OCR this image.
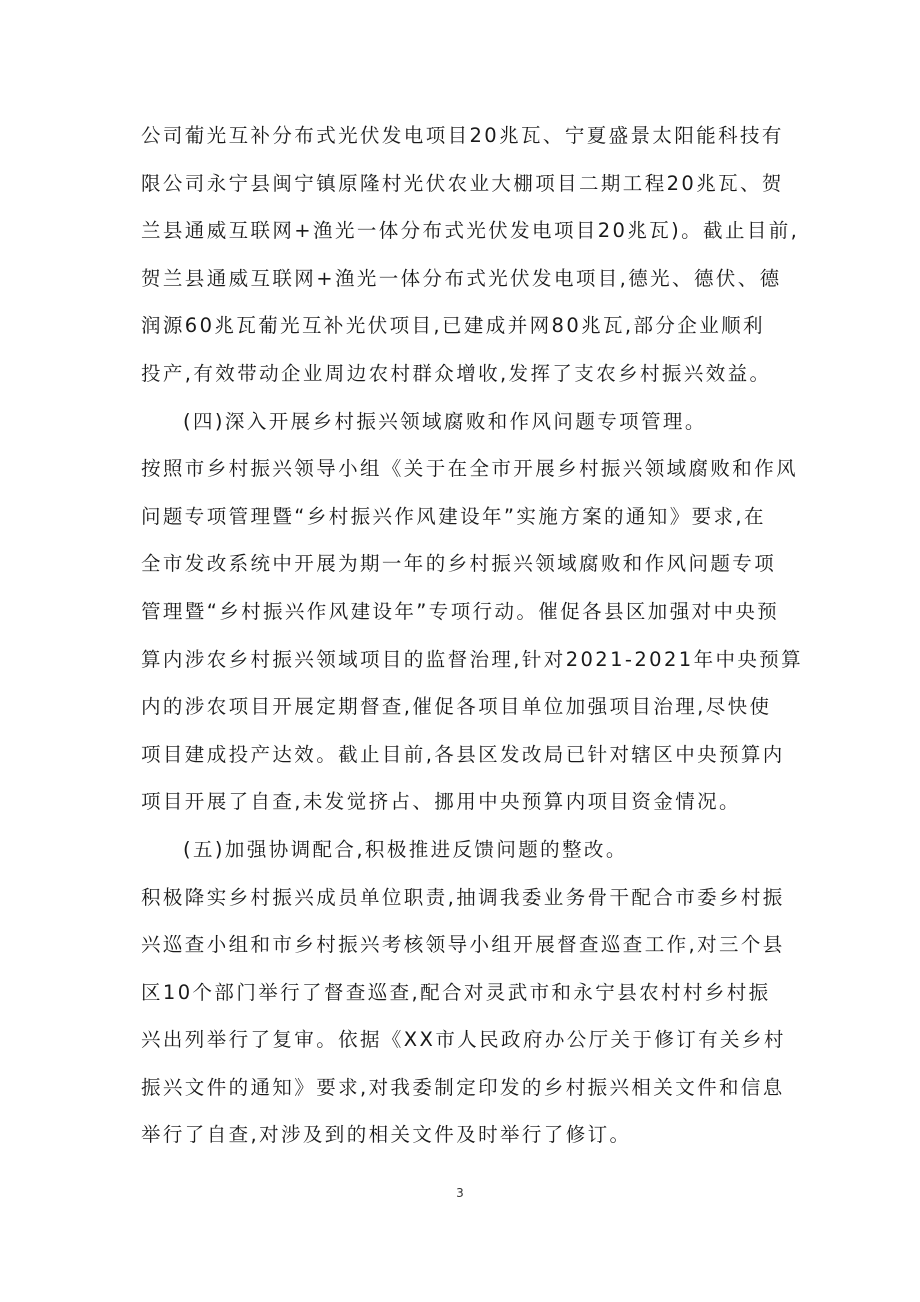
公司葡光互补分布式光伏发电项目20兆瓦、宁夏盛景太阳能科技有
限公司永宁县闽宁镇原隆村光伏农业大棚项目二期工程20兆瓦、贺
兰县通威互联网+渔光一体分布式光伏发电项目20兆瓦)。截止目前,
贺兰县通威互联网+渔光一体分布式光伏发电项目,德光、德伏、德
润源60兆瓦葡光互补光伏项目,已建成并网80兆瓦,部分企业顺利
投产,有效带动企业周边农村群众增收,发挥了支农乡村振兴效益。
(四)深入开展乡村振兴领域腐败和作风问题专项管理。
按照市乡村振兴领导小组《关于在全市开展乡村振兴领域腐败和作风
问题专项管理暨“乡村振兴作风建设年”实施方案的通知》要求,在
全市发改系统中开展为期一年的乡村振兴领域腐败和作风问题专项
管理暨“乡村振兴作风建设年”专项行动。催促各县区加强对中央预
算内涉农乡村振兴领域项目的监督治理,针对2021-2021年中央预算
内的涉农项目开展定期督查,催促各项目单位加强项目治理,尽快使
项目建成投产达效。截止目前,各县区发改局已针对辖区中央预算内
项目开展了自查,未发觉挤占、挪用中央预算内项目资金情况。
(五)加强协调配合,积极推进反馈问题的整改。
积极降实乡村振兴成员单位职责,抽调我委业务骨干配合市委乡村振
兴巡查小组和市乡村振兴考核领导小组开展督查巡查工作,对三个县
区10个部门举行了督查巡查,配合对灵武市和永宁县农村村乡村振
兴出列举行了复审。依据《XX市人民政府办公厅关于修订有关乡村
振兴文件的通知》要求,对我委制定印发的乡村振兴相关文件和信息
举行了自查,对涉及到的相关文件及时举行了修订。
3
